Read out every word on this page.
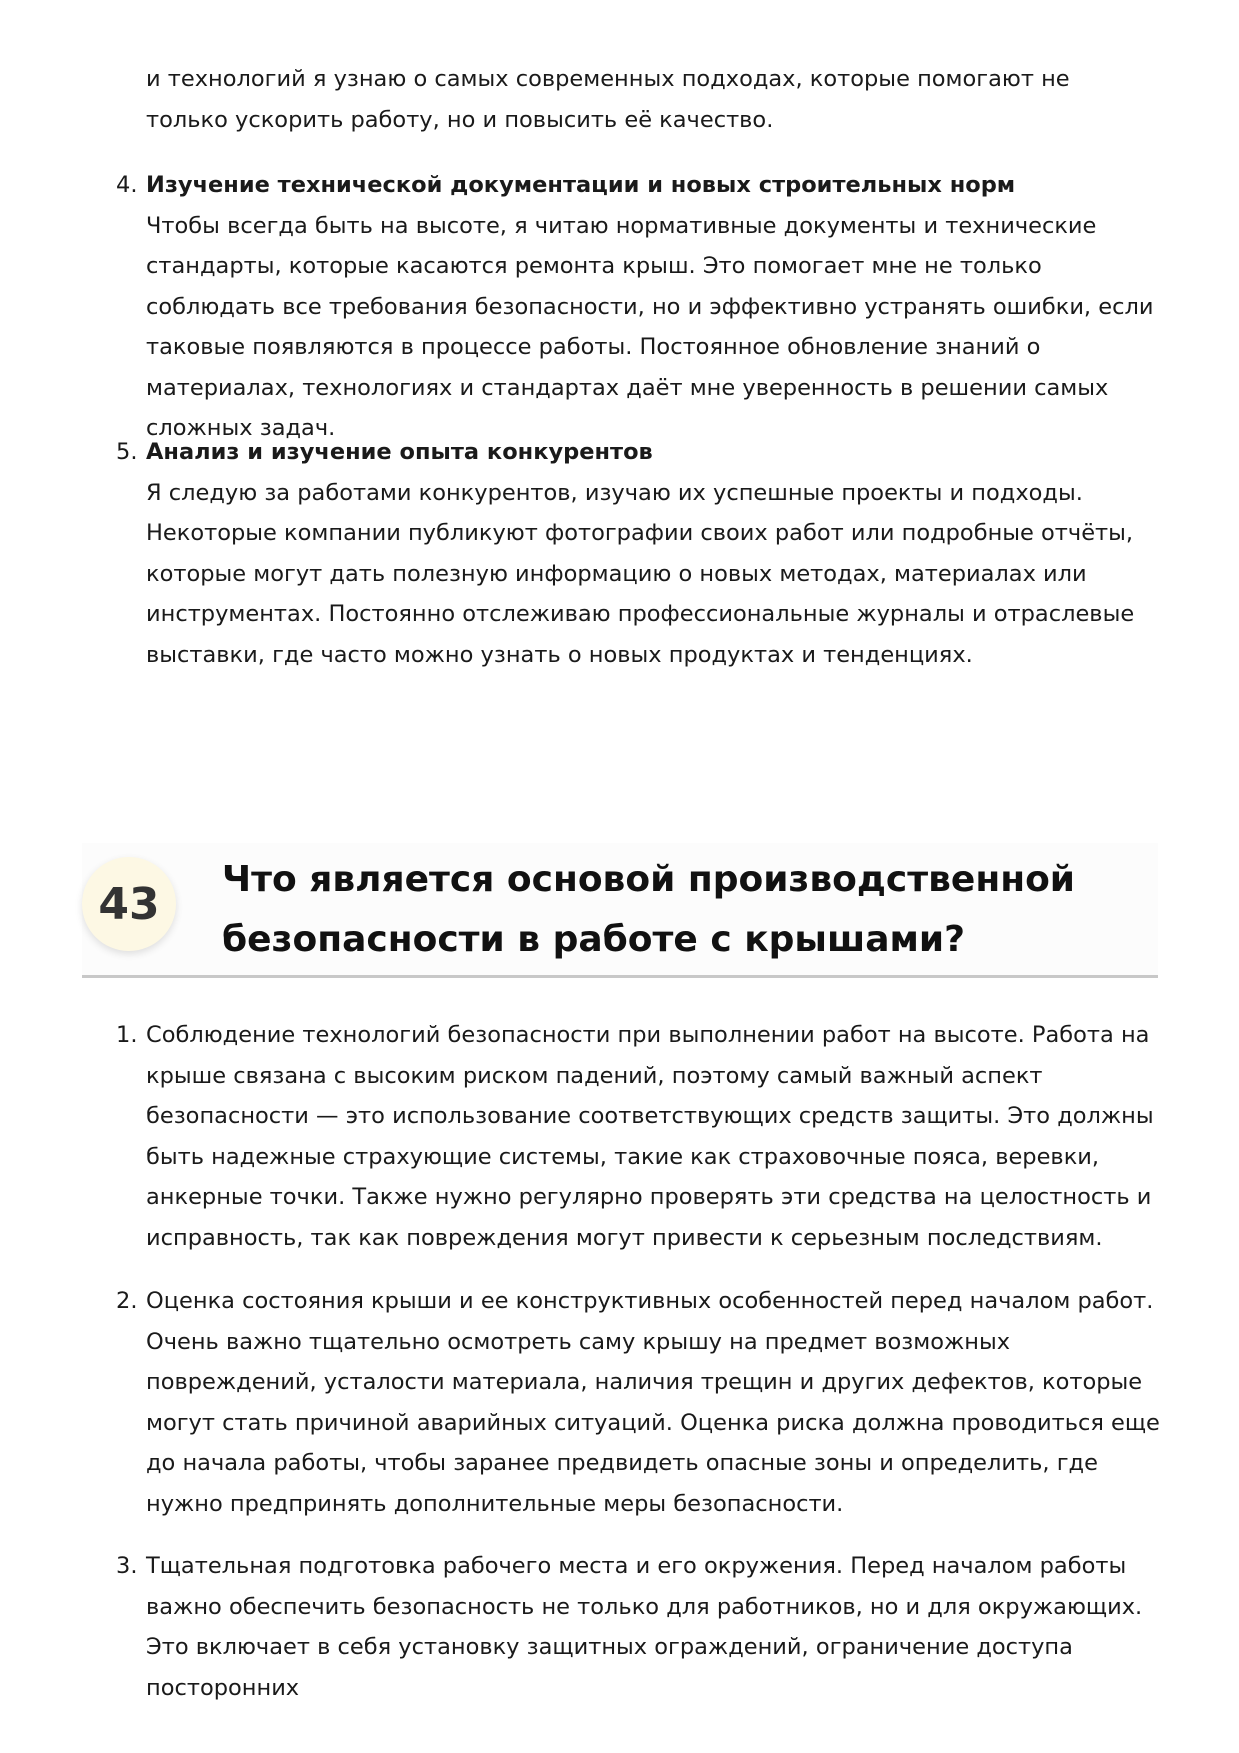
и технологий я узнаю о самых современных подходах, которые помогают не только ускорить работу, но и повысить её качество.

4. Изучение технической документации и новых строительных норм
Чтобы всегда быть на высоте, я читаю нормативные документы и технические стандарты, которые касаются ремонта крыш. Это помогает мне не только соблюдать все требования безопасности, но и эффективно устранять ошибки, если таковые появляются в процессе работы. Постоянное обновление знаний о материалах, технологиях и стандартах даёт мне уверенность в решении самых сложных задач.
5. Анализ и изучение опыта конкурентов
Я следую за работами конкурентов, изучаю их успешные проекты и подходы. Некоторые компании публикуют фотографии своих работ или подробные отчёты, которые могут дать полезную информацию о новых методах, материалах или инструментах. Постоянно отслеживаю профессиональные журналы и отраслевые выставки, где часто можно узнать о новых продуктах и тенденциях.
43	Что является основой производственной безопасности в работе с крышами?
1. Соблюдение технологий безопасности при выполнении работ на высоте. Работа на крыше связана с высоким риском падений, поэтому самый важный аспект безопасности — это использование соответствующих средств защиты. Это должны быть надежные страхующие системы, такие как страховочные пояса, веревки, анкерные точки. Также нужно регулярно проверять эти средства на целостность и исправность, так как повреждения могут привести к серьезным последствиям.
2. Оценка состояния крыши и ее конструктивных особенностей перед началом работ. Очень важно тщательно осмотреть саму крышу на предмет возможных повреждений, усталости материала, наличия трещин и других дефектов, которые могут стать причиной аварийных ситуаций. Оценка риска должна проводиться еще до начала работы, чтобы заранее предвидеть опасные зоны и определить, где нужно предпринять дополнительные меры безопасности.
3. Тщательная подготовка рабочего места и его окружения. Перед началом работы важно обеспечить безопасность не только для работников, но и для окружающих. Это включает в себя установку защитных ограждений, ограничение доступа посторонних
